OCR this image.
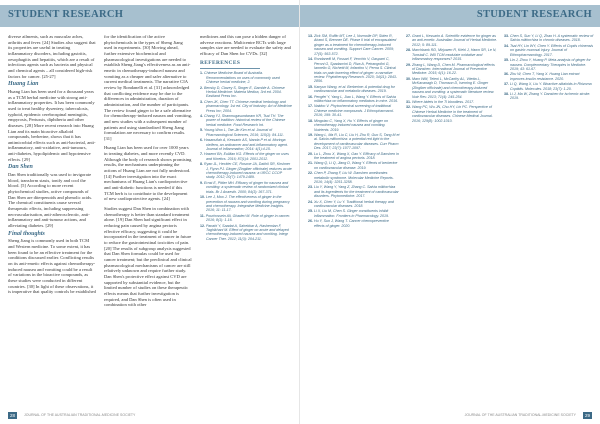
STUDENT RESEARCH

diverse ailments, such as muscular aches, arthritis and fever. [24] Studies also suggest that its properties are useful in treating inflammatory disorders, including gastritis, oesophagitis and hepatitis, which are a result of infectious agents such as bacteria and physical and chemical agents – all considered high-risk factors for cancer. [25-27]

Huang Lian

Huang Lian has been used for a thousand years as a TCM herbal medicine with strong anti-inflammatory properties. It has been commonly used to treat healthy dysentery, tuberculosis, typhoid, epidemic cerebrospinal meningitis, empyrosis, Pertussis, diphtheria and other diseases. [28] More recent research into Huang Lian and its main bioactive alkaloid compounds, berberine, shows that it has antimicrobial effects such as anti-bacterial, anti-inflammatory, anti-oxidative, anti-tumours, anti-diabetes, hypolipidemic and hypotensive effects. [29]

Dan Shen

Dan Shen traditionally was used to invigorate blood, transform stasis, tonify and cool the blood. [5] According to more recent phytochemical studies, active compounds of Dan Shen are diterpenoids and phenolic acids. The chemical constituents cause several therapeutic effects, including suppressing neovascularisation, anti-atherosclerotic, anti-inflammatory and anti-tumour actions, and alleviating diabetes. [29]

Final thoughts

Sheng Jiang is commonly used in both TCM and Western medicine. To some extent, it has been found to be an effective treatment for the conditions discussed earlier. Conflicting results on its anti-emetic effects against chemotherapy-induced nausea and vomiting could be a result of variations in the bioactive compounds, as these studies were conducted in different countries. [30] In light of these observations, it is imperative that quality controls be established

for the identification of the active phytochemicals in the types of Sheng Jiang used in experiments. [30] Moving ahead, further extensive biochemical and pharmacological investigations are needed to establish Sheng Jiang's effectiveness as an anti-emetic in chemotherapy-induced nausea and vomiting as a cheaper and safer alternative to current medical treatments. The narrative CIA review by Rondanelli et al. [31] acknowledged that conflicting evidence may be due to the differences in administration, duration of administration, and the number of participants. The review found ginger to be a safe alternative for chemotherapy-induced nausea and vomiting, and new studies with a subsequent number of patients and using standardised Sheng Jiang formulation are necessary to confirm results. [31]

Huang Lian has been used for over 1000 years in treating diabetes, and more recently CVD. Although the body of research shows promising results, the mechanisms underpinning the actions of Huang Lian are not fully understood. [14] Further investigation into the exact mechanisms of Huang Lian's cardioprotective and anti-diabetic functions is needed if this TCM herb is to contribute to the development of new cardioprotective agents. [24]

Studies suggest Dan Shen in combination with chemotherapy is better than standard treatment alone. [19] Dan Shen had significant effect in reducing pain caused by angina pectoris effective efficacy, suggesting it could be incorporated in the treatment of cancer in future to reduce the gastrointestinal toxicities of pain. [20] The results of subgroup analysis suggested that Dan Shen formulas could be used for cancer treatment; but the preclinical and clinical pharmacological mechanisms of cancer are still relatively unknown and require further study. Dan Shen's protective effect against CVD are supported by substantial evidence, but the limited number of studies on these therapeutic effects means that further investigation is required, and Dan Shen is often used in combination with other

medicines and this can pose a hidden danger of adverse reactions. Multicentre RCTs with large samples size are needed to evaluate the safety and efficacy of Dan Shen for CVDs. [32]

REFERENCES
1. Chinese Medicine Board of Australia. Recommendations on uses of commonly used Chinese herbal medicine, 2.
2. Bensky D, Clavey S, Stoger E, Gamble A. Chinese Herbal Medicine: Materia Medica, 3rd ed. 2004. Eastland Press Inc.
3. Chen JK, Chen TT. Chinese medical herbology and pharmacology. 1st ed. City of Industry: Art of Medicine Press Inc; 2004.
4. Chang YJ, Shanmugasundaram KR, Tsai TH. The power of tradition: historical review of the Chinese herbal medicine. Food Research Int.
5. Young-Woo L, Tae-Jin Kim et al. Journal of Pharmacological Sciences, 2016; 115(1): 84-111.
6. Hasanullah A, Kessarin AS, Nanda P et al. Moringa oleifera, an anticancer and anti-inflammatory agent. Journal of Inflammation; 2014: 4(1):4-15.
7. Hasemi Bh, Eulilian KG. Effects of the ginger on uses and Kinetics. 2016; 87(1)4: 2001-2012.
8. Ryan JL, Heckler CE, Roscoe JA, Dakhil SR, Kirshner J, Flynn PJ. Ginger (Zingiber officinale) reduces acute chemotherapy-induced nausea: a URCC CCOP study. 2012; 20(7): 1479-1489.
9. Ernst E, Pittler MH. Efficacy of ginger for nausea and vomiting: a systematic review of randomized clinical trials. Br J Anaesth. 2000; 84(3): 367-371.
10. Lee J, Moo J. The effectiveness of ginger in the prevention of nausea and vomiting during pregnancy and chemotherapy. Integrative Medicine Insights. 2016; 11: 11-17.
11. Pourhossein Ali, Ghaderi M. Role of ginger in cancer. 2016; 8(1): 1-16.
12. Panahi Y, Saadat A, Sahebkar A, Hashemian F, Taghikhani M. Effect of ginger on acute and delayed chemotherapy-induced nausea and vomiting. Integr Cancer Ther. 2012; 11(3): 204-211.
28	JOURNAL OF THE AUSTRALIAN TRADITIONAL-MEDICINE SOCIETY
STUDENT RESEARCH
13. Zick SM, Ruffin MT, Lee J, Normolle DP, Siden R, Alrawi S, Brenner DE. Phase II trial of encapsulated ginger as a treatment for chemotherapy-induced nausea and vomiting. Support Care Cancer. 2009; 17(5): 563-572.
14. Rondanelli M, Fossari F, Vecchio V, Gasparri C, Peroni G, Spadaccini D, Riva A, Petrangolini G, Iannello G, Nichetti M, Infantino V, Perna S. Clinical trials on pain lowering effect of ginger: a narrative review. Phytotherapy Research. 2020; 34(11): 2843-2856.
15. Kanyun Wang, et al. Berberine: A potential drug for cardiovascular and metabolic diseases. 2019.
16. Pengfei Y, Yang L, Jiao L, Wang Y. Effects of Salvia miltiorrhiza on inflammatory mediators in mice. 2016.
17. Naidoo V. Phytochemical screening of traditional Chinese medicine compounds. J Ethnopharmacol. 2016; 199: 30-41.
18. Mingxiao C, Yang X, Hu Y. Effects of ginger on chemotherapy induced nausea and vomiting. Nutrients. 2019.
19. Wang L, Ma R, Liu C, Liu H, Zhu R, Guo S, Tang M et al. Salvia miltiorrhiza: a potential red light to the development of cardiovascular diseases. Curr Pharm Des. 2017; 23(7): 1077-1097.
20. Lu L, Zhou X, Wang X, Gao Y. Efficacy of Danshen in the treatment of angina pectoris. 2018.
21. Wang Q, Li Q, Jiang D, Wang Y. Effects of berberine on cardiovascular disease. 2019.
22. Chen P, Zhang F, Liu W. Danshen ameliorates metabolic syndrome. Molecular Medicine Reports. 2016; 14(4): 3251-3258.
23. Liu Y, Wang Y, Yang Z, Zhang C. Salvia miltiorrhiza and its ingredients for the treatment of cardiovascular disorders. Phytomedicine. 2017.
24. Xu X, Chen Y, Lu Y. Traditional herbal therapy and cardiovascular diseases. 2018.
25. Li X, Liu M, Chen S. Ginger constituents inhibit inflammation. Frontiers in Pharmacology. 2019.
26. Hu Y, Sun J, Wang T. Cancer chemopreventive effects of ginger. 2020.
27. Grant L, Kessarin A. Scientific evidence for ginger as an anti-emetic. Australian Journal of Herbal Medicine. 2012; 5: 89-111.
28. Marchbank RD, Mirjuwen R, Kiehl J, Hawn SR, Le N, Tunstall C. Will TCM modulate oxidative and inflammatory responses? 2015.
29. Zhang L, Wang D, Chen M. Pharmacological effects of Danshen. International Journal of Preventive Medicine. 2015; 6(1): 16-22.
30. Marx WM, Teleni L, McCarthy AL, Vitetta L, McKavanagh D, Thomson D, Isenring E. Ginger (Zingiber officinale) and chemotherapy-induced nausea and vomiting: a systematic literature review. Nutr Rev. 2013; 71(4): 245-254.
31. Where bidets in the Ti bloodless. 2017.
32. Wang PC, Wu JN, Chu HY, Lin PC. Perspective of Chinese Herbal Medicine in the treatment of cardiovascular diseases. Chinese Medical Journal. 2016; 129(8): 1002-1010.
33. Chen S, Sun Y, Li Q, Zhao H. A systematic review of Salvia miltiorrhiza in chronic diseases. 2018.
34. Tsai HY, Lin WY, Chen Y. Effects of Coptis chinensis on gastric mucosal injury. Journal of Ethnopharmacology. 2017.
35. Lin J, Zhou Y, Huang P. Meta-analysis of ginger for nausea. Complementary Therapies in Medicine. 2019; 43: 61-67.
36. Zhu W, Chen T, Yang X. Huang Lian extract improves insulin resistance. 2020.
37. Li Q, Wang X, Liu Y. Bioactive alkaloids in Rhizoma Coptidis. Molecules. 2018; 23(7): 1-20.
38. Li J, Ma W, Zhang Y. Danshen for ischemic stroke. 2019.
29
JOURNAL OF THE AUSTRALIAN TRADITIONAL-MEDICINE SOCIETY
